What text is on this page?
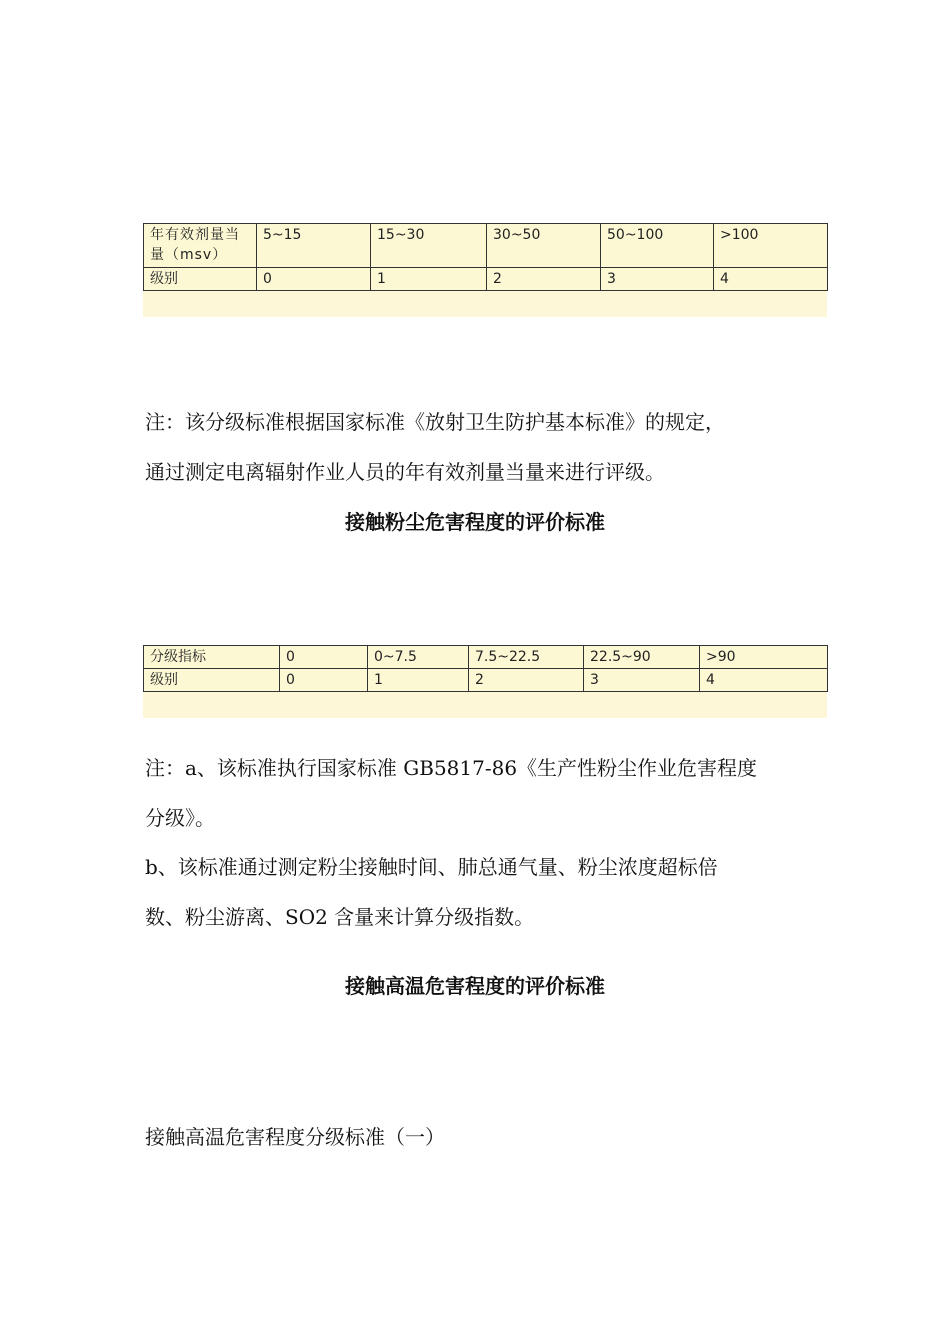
年有效剂量当量（msv）	5~15	15~30	30~50	50~100	>100
级别	0	1	2	3	4
注：该分级标准根据国家标准《放射卫生防护基本标准》的规定，
通过测定电离辐射作业人员的年有效剂量当量来进行评级。
接触粉尘危害程度的评价标准
分级指标	0	0~7.5	7.5~22.5	22.5~90	>90
级别	0	1	2	3	4
注：a、该标准执行国家标准 GB5817-86《生产性粉尘作业危害程度
分级》。
b、该标准通过测定粉尘接触时间、肺总通气量、粉尘浓度超标倍
数、粉尘游离、SO2 含量来计算分级指数。
接触高温危害程度的评价标准
接触高温危害程度分级标准（一）
